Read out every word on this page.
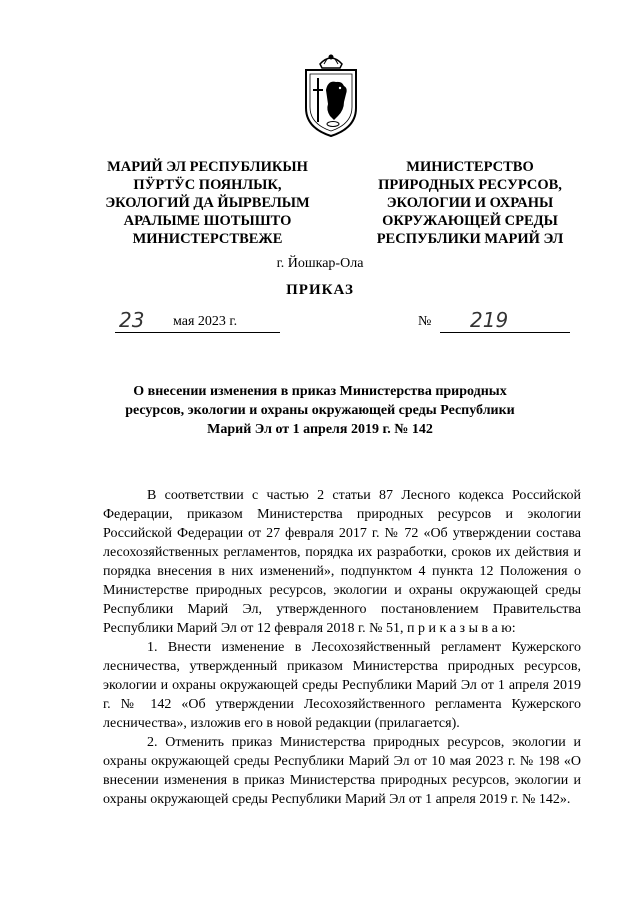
МАРИЙ ЭЛ РЕСПУБЛИКЫН
ПӰРТӰС ПОЯНЛЫК,
ЭКОЛОГИЙ ДА ЙЫРВЕЛЫМ
АРАЛЫМЕ ШОТЫШТО
МИНИСТЕРСТВЕЖЕ
МИНИСТЕРСТВО
ПРИРОДНЫХ РЕСУРСОВ,
ЭКОЛОГИИ И ОХРАНЫ
ОКРУЖАЮЩЕЙ СРЕДЫ
РЕСПУБЛИКИ МАРИЙ ЭЛ
г. Йошкар-Ола
ПРИКАЗ
23 мая 2023 г.	№ 219
О внесении изменения в приказ Министерства природных
ресурсов, экологии и охраны окружающей среды Республики
Марий Эл от 1 апреля 2019 г. № 142

В соответствии с частью 2 статьи 87 Лесного кодекса Российской Федерации, приказом Министерства природных ресурсов и экологии Российской Федерации от 27 февраля 2017 г. № 72 «Об утверждении состава лесохозяйственных регламентов, порядка их разработки, сроков их действия и порядка внесения в них изменений», подпунктом 4 пункта 12 Положения о Министерстве природных ресурсов, экологии и охраны окружающей среды Республики Марий Эл, утвержденного постановлением Правительства Республики Марий Эл от 12 февраля 2018 г. № 51, п р и к а з ы в а ю:

1. Внести изменение в Лесохозяйственный регламент Кужерского лесничества, утвержденный приказом Министерства природных ресурсов, экологии и охраны окружающей среды Республики Марий Эл от 1 апреля 2019 г. № 142 «Об утверждении Лесохозяйственного регламента Кужерского лесничества», изложив его в новой редакции (прилагается).

2. Отменить приказ Министерства природных ресурсов, экологии и охраны окружающей среды Республики Марий Эл от 10 мая 2023 г. № 198 «О внесении изменения в приказ Министерства природных ресурсов, экологии и охраны окружающей среды Республики Марий Эл от 1 апреля 2019 г. № 142».
